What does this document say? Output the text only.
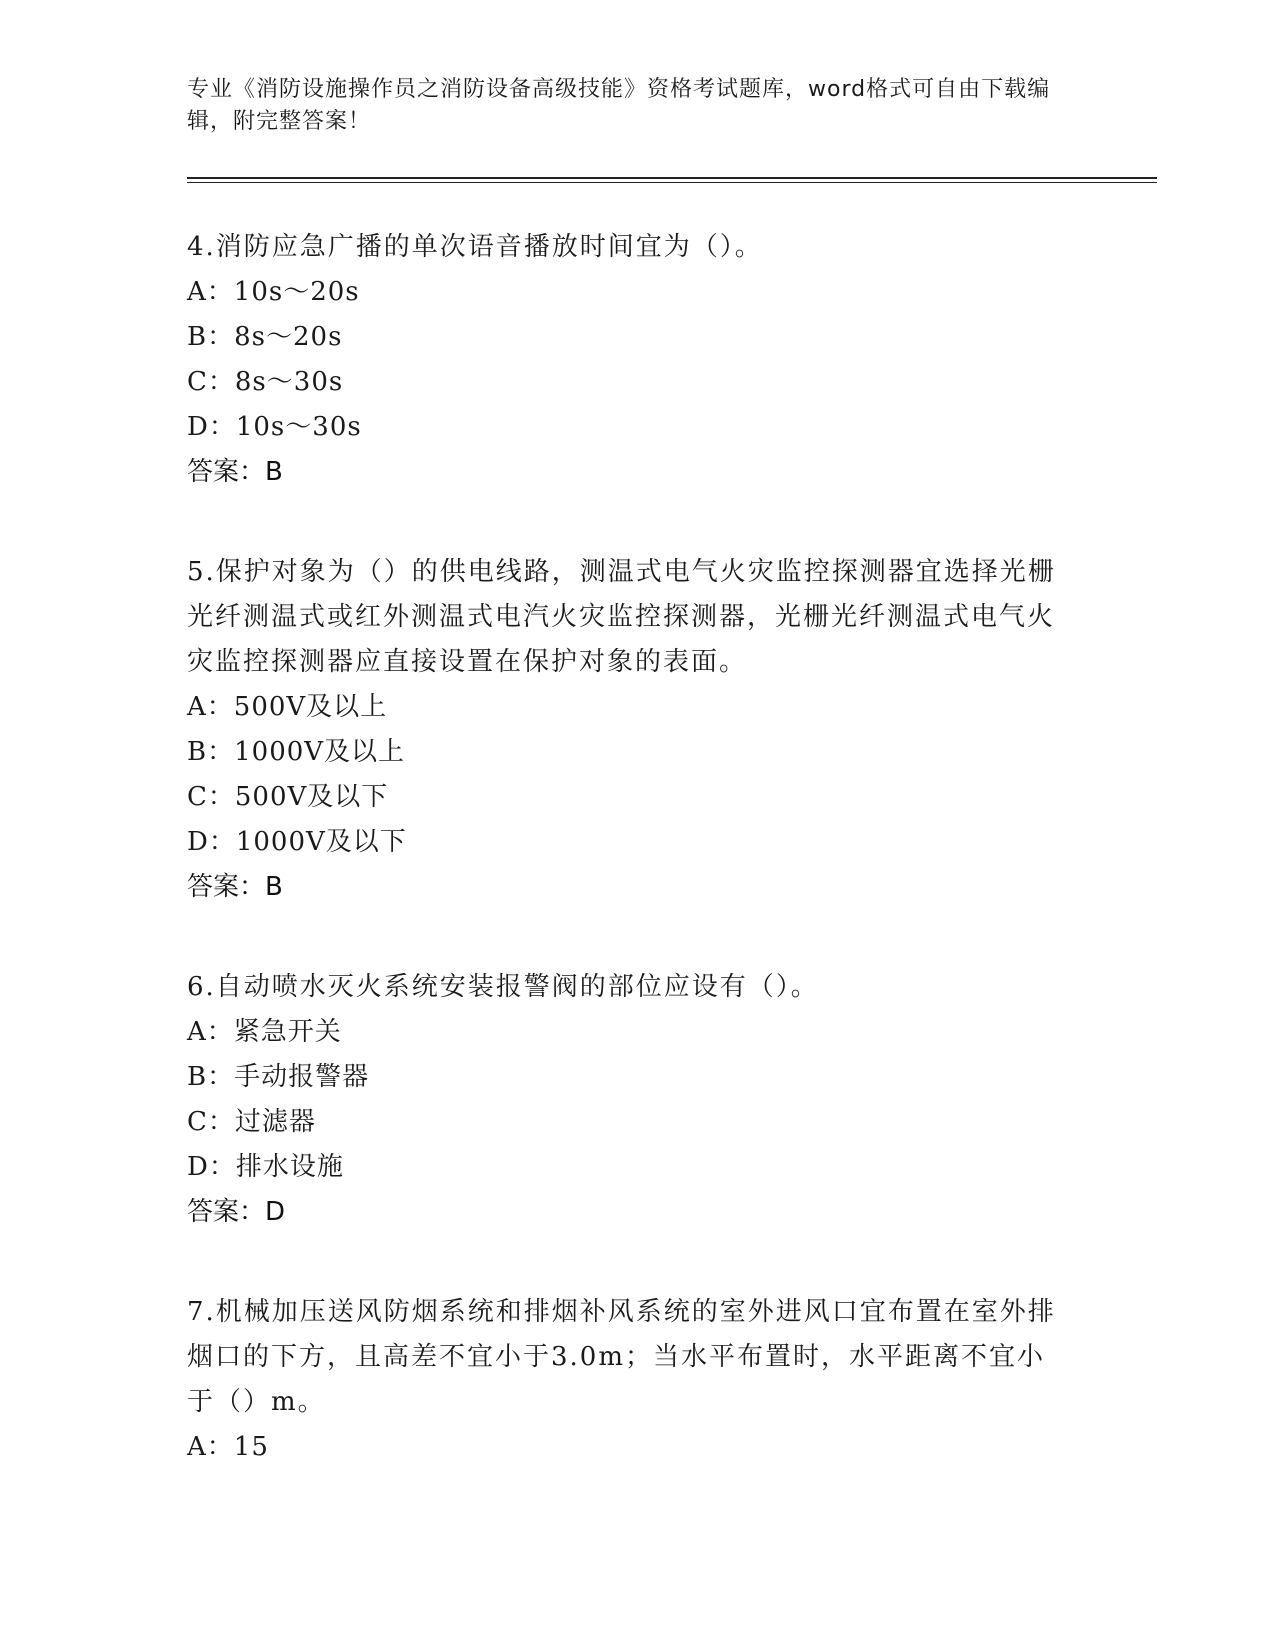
专业《消防设施操作员之消防设备高级技能》资格考试题库，word格式可自由下载编辑，附完整答案！
4.消防应急广播的单次语音播放时间宜为（）。
A：10s～20s
B：8s～20s
C：8s～30s
D：10s～30s
答案：B
5.保护对象为（）的供电线路，测温式电气火灾监控探测器宜选择光栅光纤测温式或红外测温式电汽火灾监控探测器，光栅光纤测温式电气火灾监控探测器应直接设置在保护对象的表面。
A：500V及以上
B：1000V及以上
C：500V及以下
D：1000V及以下
答案：B
6.自动喷水灭火系统安装报警阀的部位应设有（）。
A：紧急开关
B：手动报警器
C：过滤器
D：排水设施
答案：D
7.机械加压送风防烟系统和排烟补风系统的室外进风口宜布置在室外排烟口的下方，且高差不宜小于3.0m；当水平布置时，水平距离不宜小于（）m。
A：15
